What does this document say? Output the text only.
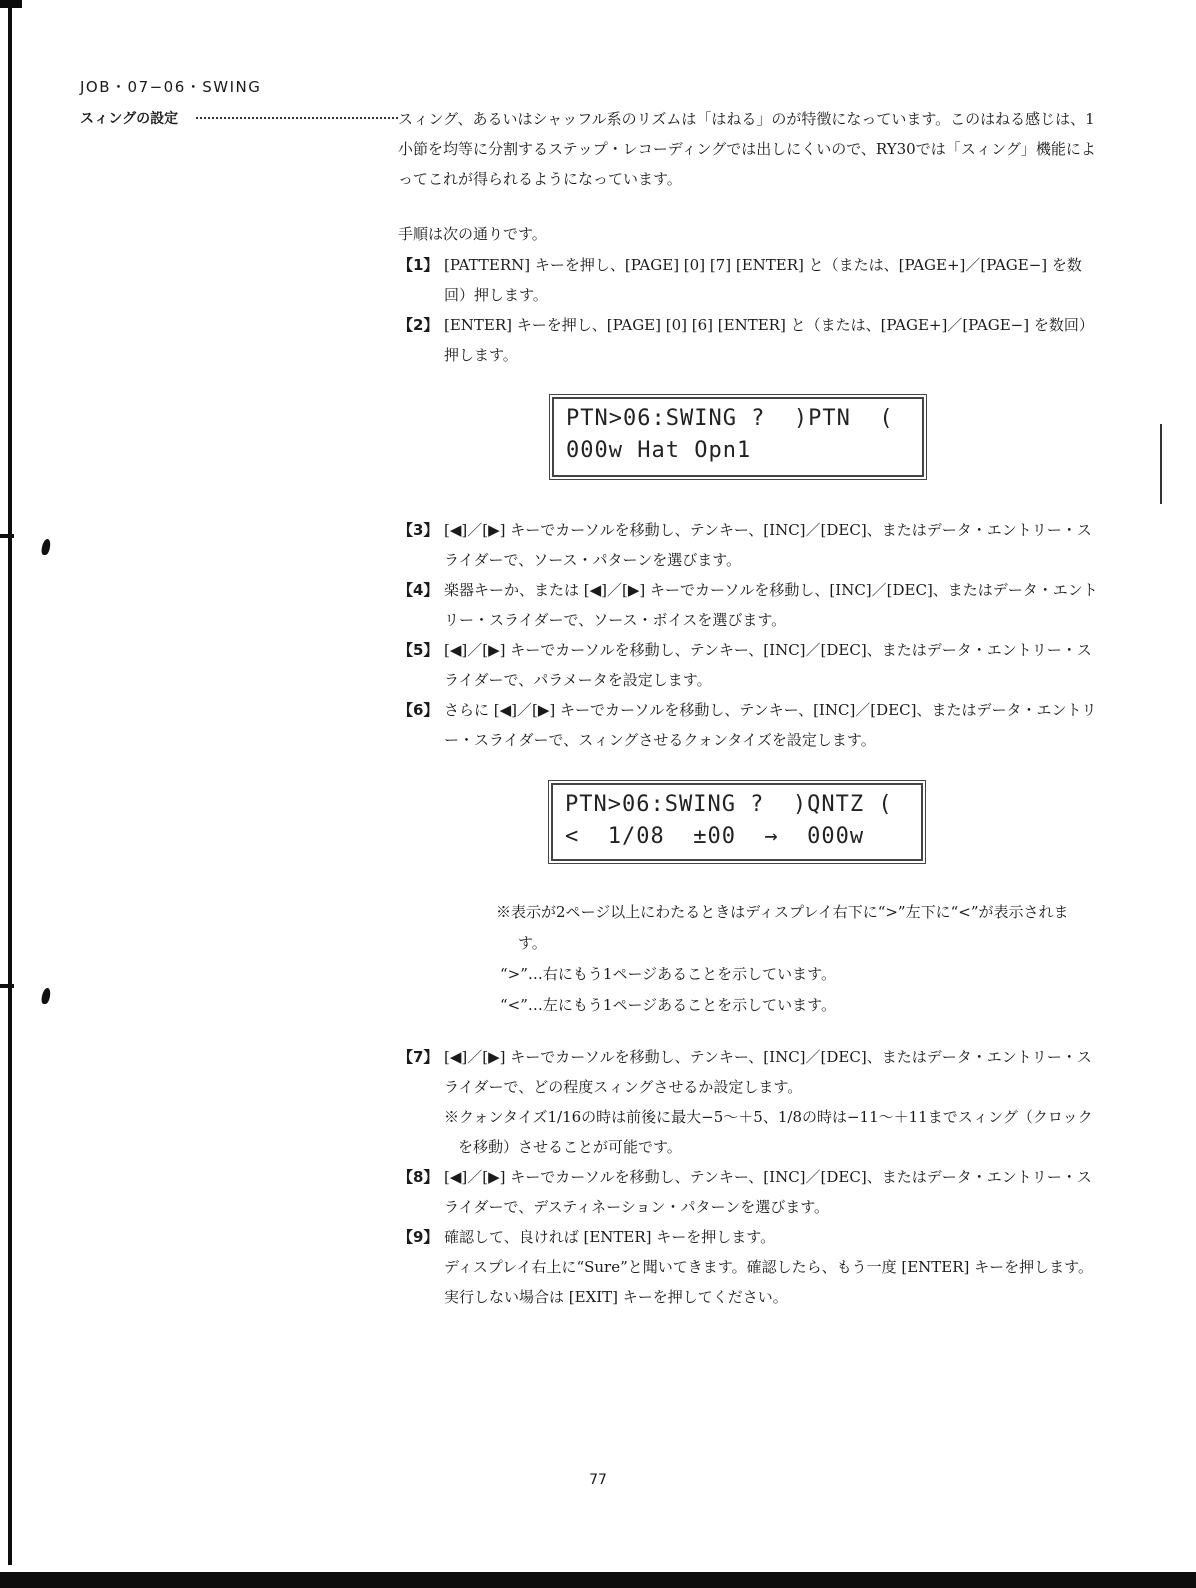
JOB・07−06・SWING
スィングの設定	スィング、あるいはシャッフル系のリズムは「はねる」のが特徴になっています。このはねる感じは、1小節を均等に分割するステップ・レコーディングでは出しにくいので、RY30では「スィング」機能によってこれが得られるようになっています。

手順は次の通りです。

【1】 [PATTERN] キーを押し、[PAGE] [0] [7] [ENTER] と（または、[PAGE+]／[PAGE−] を数回）押します。
【2】 [ENTER] キーを押し、[PAGE] [0] [6] [ENTER] と（または、[PAGE+]／[PAGE−] を数回）押します。
PTN>06:SWING ?  )PTN  (
000w Hat Opn1
【3】 [◀]／[▶] キーでカーソルを移動し、テンキー、[INC]／[DEC]、またはデータ・エントリー・スライダーで、ソース・パターンを選びます。
【4】 楽器キーか、または [◀]／[▶] キーでカーソルを移動し、[INC]／[DEC]、またはデータ・エントリー・スライダーで、ソース・ボイスを選びます。
【5】 [◀]／[▶] キーでカーソルを移動し、テンキー、[INC]／[DEC]、またはデータ・エントリー・スライダーで、パラメータを設定します。
【6】 さらに [◀]／[▶] キーでカーソルを移動し、テンキー、[INC]／[DEC]、またはデータ・エントリー・スライダーで、スィングさせるクォンタイズを設定します。
PTN>06:SWING ?  )QNTZ (
<  1/08  ±00  →  000w
※表示が2ページ以上にわたるときはディスプレイ右下に“>”左下に“<”が表示されます。
“>”…右にもう1ページあることを示しています。
“<”…左にもう1ページあることを示しています。
【7】 [◀]／[▶] キーでカーソルを移動し、テンキー、[INC]／[DEC]、またはデータ・エントリー・スライダーで、どの程度スィングさせるか設定します。
※クォンタイズ1/16の時は前後に最大−5〜＋5、1/8の時は−11〜＋11までスィング（クロックを移動）させることが可能です。
【8】 [◀]／[▶] キーでカーソルを移動し、テンキー、[INC]／[DEC]、またはデータ・エントリー・スライダーで、デスティネーション・パターンを選びます。
【9】 確認して、良ければ [ENTER] キーを押します。
ディスプレイ右上に“Sure”と聞いてきます。確認したら、もう一度 [ENTER] キーを押します。
実行しない場合は [EXIT] キーを押してください。
77
